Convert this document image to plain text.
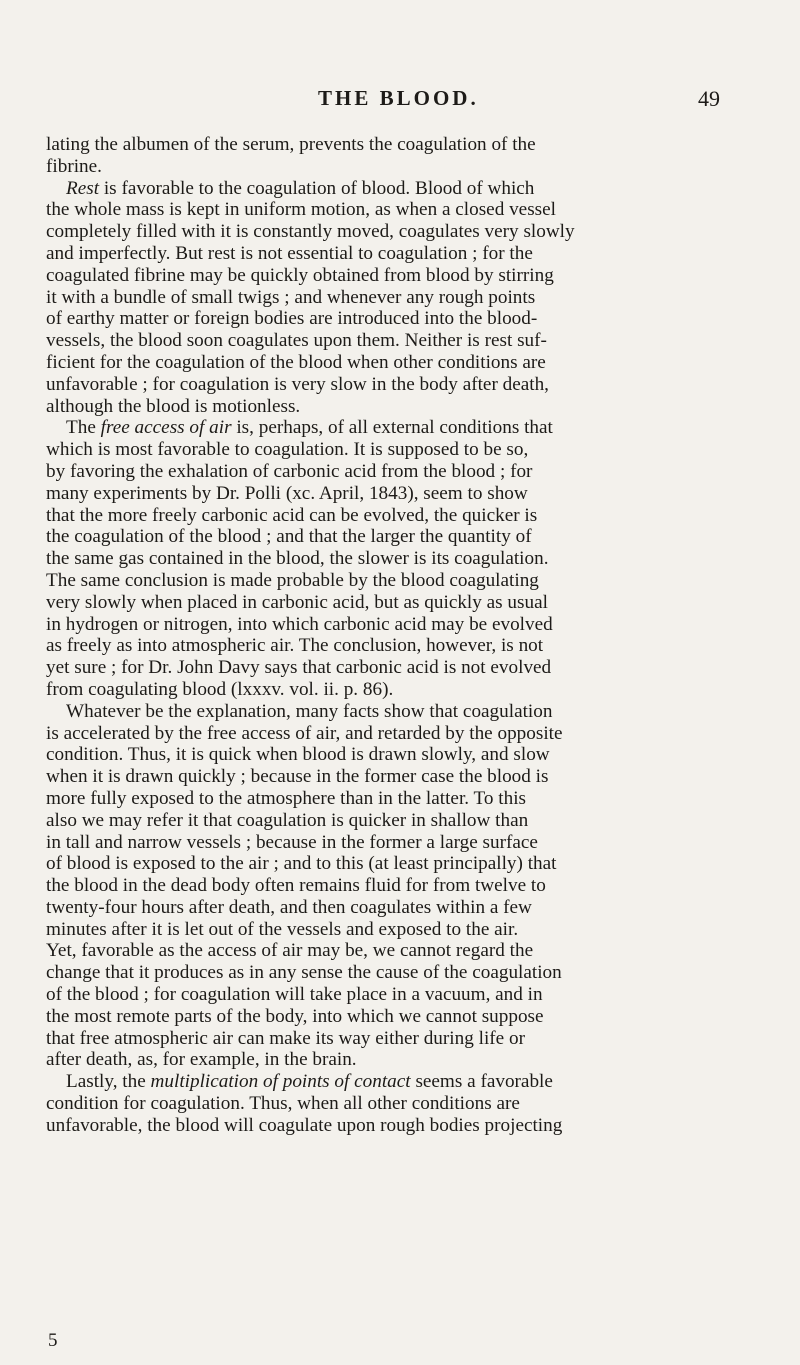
THE BLOOD.	49
lating the albumen of the serum, prevents the coagulation of the
fibrine.
Rest is favorable to the coagulation of blood. Blood of which
the whole mass is kept in uniform motion, as when a closed vessel
completely filled with it is constantly moved, coagulates very slowly
and imperfectly. But rest is not essential to coagulation ; for the
coagulated fibrine may be quickly obtained from blood by stirring
it with a bundle of small twigs ; and whenever any rough points
of earthy matter or foreign bodies are introduced into the blood-
vessels, the blood soon coagulates upon them. Neither is rest suf-
ficient for the coagulation of the blood when other conditions are
unfavorable ; for coagulation is very slow in the body after death,
although the blood is motionless.
The free access of air is, perhaps, of all external conditions that
which is most favorable to coagulation. It is supposed to be so,
by favoring the exhalation of carbonic acid from the blood ; for
many experiments by Dr. Polli (xc. April, 1843), seem to show
that the more freely carbonic acid can be evolved, the quicker is
the coagulation of the blood ; and that the larger the quantity of
the same gas contained in the blood, the slower is its coagulation.
The same conclusion is made probable by the blood coagulating
very slowly when placed in carbonic acid, but as quickly as usual
in hydrogen or nitrogen, into which carbonic acid may be evolved
as freely as into atmospheric air. The conclusion, however, is not
yet sure ; for Dr. John Davy says that carbonic acid is not evolved
from coagulating blood (lxxxv. vol. ii. p. 86).
Whatever be the explanation, many facts show that coagulation
is accelerated by the free access of air, and retarded by the opposite
condition. Thus, it is quick when blood is drawn slowly, and slow
when it is drawn quickly ; because in the former case the blood is
more fully exposed to the atmosphere than in the latter. To this
also we may refer it that coagulation is quicker in shallow than
in tall and narrow vessels ; because in the former a large surface
of blood is exposed to the air ; and to this (at least principally) that
the blood in the dead body often remains fluid for from twelve to
twenty-four hours after death, and then coagulates within a few
minutes after it is let out of the vessels and exposed to the air.
Yet, favorable as the access of air may be, we cannot regard the
change that it produces as in any sense the cause of the coagulation
of the blood ; for coagulation will take place in a vacuum, and in
the most remote parts of the body, into which we cannot suppose
that free atmospheric air can make its way either during life or
after death, as, for example, in the brain.
Lastly, the multiplication of points of contact seems a favorable
condition for coagulation. Thus, when all other conditions are
unfavorable, the blood will coagulate upon rough bodies projecting
5
